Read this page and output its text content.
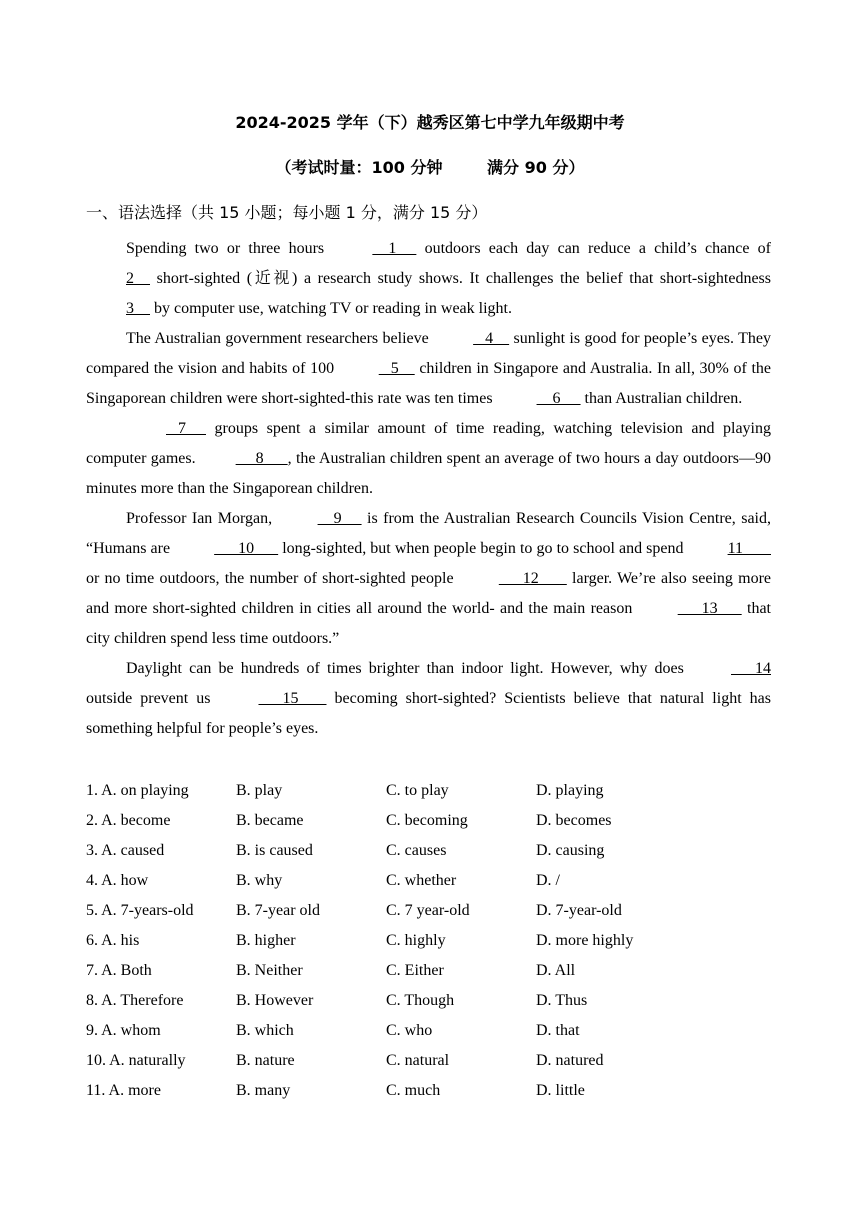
2024-2025 学年（下）越秀区第七中学九年级期中考
（考试时量：100 分钟        满分 90 分）
一、语法选择（共 15 小题；每小题 1 分，满分 15 分）

Spending two or three hours	1      outdoors each day can reduce a child’s chance of 2     short-sighted (近视) a research study shows. It challenges the belief that short-sightedness 3     by computer use, watching TV or reading in weak light.

The Australian government researchers believe	4     sunlight is good for people’s eyes. They compared the vision and habits of 100	5     children in Singapore and Australia. In all, 30% of the Singaporean children were short-sighted-this rate was ten times	6      than Australian children.

7      groups spent a similar amount of time reading, watching television and playing computer games.	8      , the Australian children spent an average of two hours a day outdoors—90 minutes more than the Singaporean children.

Professor Ian Morgan,	9      is from the Australian Research Councils Vision Centre, said, “Humans are	10       long-sighted, but when people begin to go to school and spend	11        or no time outdoors, the number of short-sighted people	12        larger. We’re also seeing more and more short-sighted children in cities all around the world- and the main reason	13       that city children spend less time outdoors.”

Daylight can be hundreds of times brighter than indoor light. However, why does	14 outside prevent us	15        becoming short-sighted? Scientists believe that natural light has something helpful for people’s eyes.

1. A. on playing	B. play	C. to play	D. playing
2. A. become	B. became	C. becoming	D. becomes
3. A. caused	B. is caused	C. causes	D. causing
4. A. how	B. why	C. whether	D. /
5. A. 7-years-old	B. 7-year old	C. 7 year-old	D. 7-year-old
6. A. his	B. higher	C. highly	D. more highly
7. A. Both	B. Neither	C. Either	D. All
8. A. Therefore	B. However	C. Though	D. Thus
9. A. whom	B. which	C. who	D. that
10. A. naturally	B. nature	C. natural	D. natured
11. A. more	B. many	C. much	D. little
